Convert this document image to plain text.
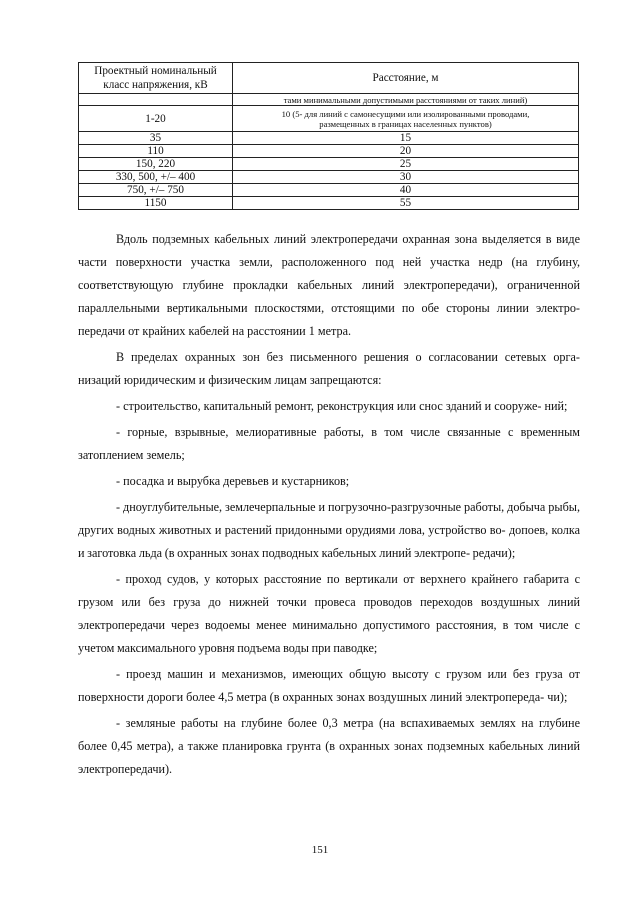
Проектный номинальный класс напряжения, кВ	Расстояние, м
	тами минимальными допустимыми расстояниями от таких линий)
1-20	10 (5- для линий с самонесущими или изолированными проводами,
размещенных в границах населенных пунктов)
35	15
110	20
150, 220	25
330, 500, +/– 400	30
750, +/– 750	40
1150	55

Вдоль подземных кабельных линий электропередачи охранная зона выделяется в виде части поверхности участка земли, расположенного под ней участка недр (на глубину, соответствующую глубине прокладки кабельных линий электропередачи), ограниченной параллельными вертикальными плоскостями, отстоящими по обе стороны линии электро- передачи от крайних кабелей на расстоянии 1 метра.

В пределах охранных зон без письменного решения о согласовании сетевых орга- низаций юридическим и физическим лицам запрещаются:

- строительство, капитальный ремонт, реконструкция или снос зданий и сооруже- ний;

- горные, взрывные, мелиоративные работы, в том числе связанные с временным затоплением земель;

- посадка и вырубка деревьев и кустарников;

- дноуглубительные, землечерпальные и погрузочно-разгрузочные работы, добыча рыбы, других водных животных и растений придонными орудиями лова, устройство во- допоев, колка и заготовка льда (в охранных зонах подводных кабельных линий электропе- редачи);

- проход судов, у которых расстояние по вертикали от верхнего крайнего габарита с грузом или без груза до нижней точки провеса проводов переходов воздушных линий электропередачи через водоемы менее минимально допустимого расстояния, в том числе с учетом максимального уровня подъема воды при паводке;

- проезд машин и механизмов, имеющих общую высоту с грузом или без груза от поверхности дороги более 4,5 метра (в охранных зонах воздушных линий электропереда- чи);

- земляные работы на глубине более 0,3 метра (на вспахиваемых землях на глубине более 0,45 метра), а также планировка грунта (в охранных зонах подземных кабельных линий электропередачи).

151
